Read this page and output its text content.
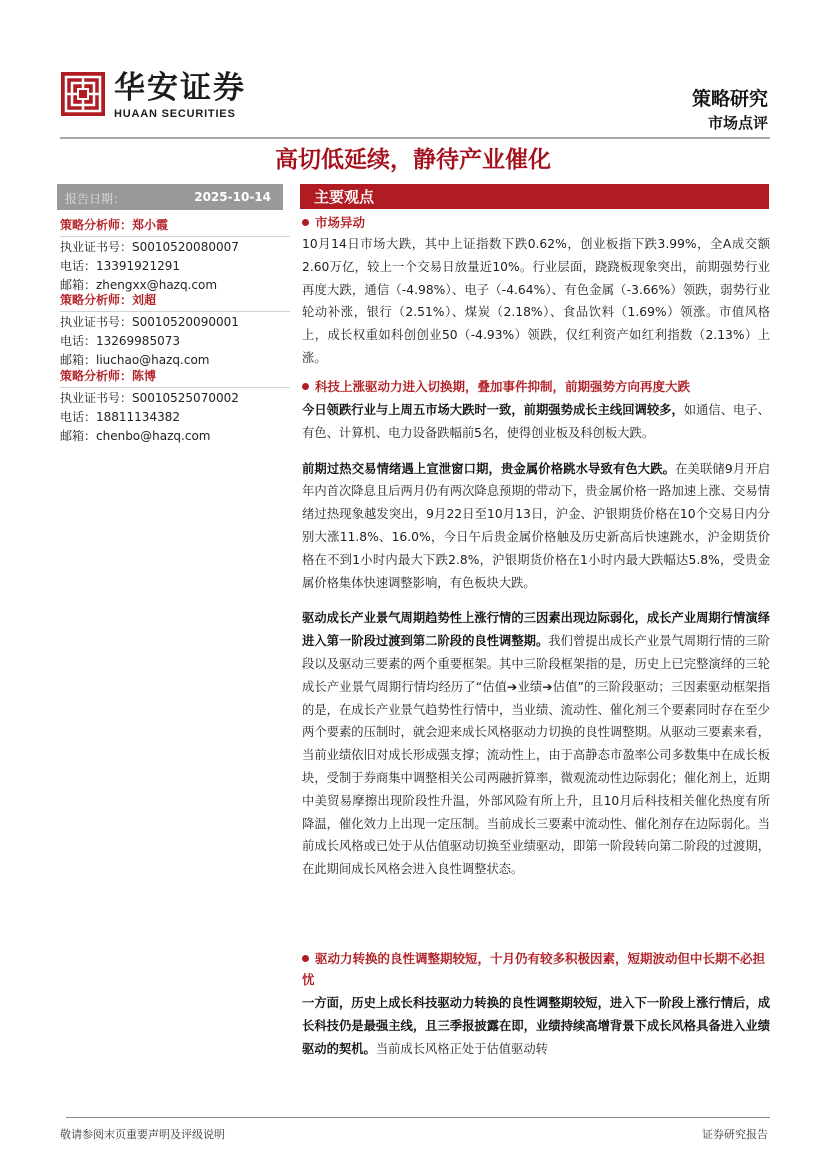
华安证券
HUAAN SECURITIES
策略研究
市场点评
高切低延续，静待产业催化
报告日期：	2025-10-14
策略分析师：郑小霞
执业证书号：S0010520080007
电话：13391921291
邮箱：zhengxx@hazq.com
策略分析师：刘超
执业证书号：S0010520090001
电话：13269985073
邮箱：liuchao@hazq.com
策略分析师：陈博
执业证书号：S0010525070002
电话：18811134382
邮箱：chenbo@hazq.com
主要观点
市场异动
10月14日市场大跌，其中上证指数下跌0.62%，创业板指下跌3.99%，全A成交额2.60万亿，较上一个交易日放量近10%。行业层面，跷跷板现象突出，前期强势行业再度大跌，通信（-4.98%）、电子（-4.64%）、有色金属（-3.66%）领跌，弱势行业轮动补涨，银行（2.51%）、煤炭（2.18%）、食品饮料（1.69%）领涨。市值风格上，成长权重如科创创业50（-4.93%）领跌，仅红利资产如红利指数（2.13%）上涨。
科技上涨驱动力进入切换期，叠加事件抑制，前期强势方向再度大跌
今日领跌行业与上周五市场大跌时一致，前期强势成长主线回调较多，如通信、电子、有色、计算机、电力设备跌幅前5名，使得创业板及科创板大跌。
前期过热交易情绪遇上宣泄窗口期，贵金属价格跳水导致有色大跌。在美联储9月开启年内首次降息且后两月仍有两次降息预期的带动下，贵金属价格一路加速上涨、交易情绪过热现象越发突出，9月22日至10月13日，沪金、沪银期货价格在10个交易日内分别大涨11.8%、16.0%，今日午后贵金属价格触及历史新高后快速跳水，沪金期货价格在不到1小时内最大下跌2.8%，沪银期货价格在1小时内最大跌幅达5.8%，受贵金属价格集体快速调整影响，有色板块大跌。
驱动成长产业景气周期趋势性上涨行情的三因素出现边际弱化，成长产业周期行情演绎进入第一阶段过渡到第二阶段的良性调整期。我们曾提出成长产业景气周期行情的三阶段以及驱动三要素的两个重要框架。其中三阶段框架指的是，历史上已完整演绎的三轮成长产业景气周期行情均经历了“估值➔业绩➔估值”的三阶段驱动；三因素驱动框架指的是，在成长产业景气趋势性行情中，当业绩、流动性、催化剂三个要素同时存在至少两个要素的压制时，就会迎来成长风格驱动力切换的良性调整期。从驱动三要素来看，当前业绩依旧对成长形成强支撑；流动性上，由于高静态市盈率公司多数集中在成长板块，受制于券商集中调整相关公司两融折算率，微观流动性边际弱化；催化剂上，近期中美贸易摩擦出现阶段性升温，外部风险有所上升，且10月后科技相关催化热度有所降温，催化效力上出现一定压制。当前成长三要素中流动性、催化剂存在边际弱化。当前成长风格或已处于从估值驱动切换至业绩驱动，即第一阶段转向第二阶段的过渡期，在此期间成长风格会进入良性调整状态。
驱动力转换的良性调整期较短，十月仍有较多积极因素，短期波动但中长期不必担忧
一方面，历史上成长科技驱动力转换的良性调整期较短，进入下一阶段上涨行情后，成长科技仍是最强主线，且三季报披露在即，业绩持续高增背景下成长风格具备进入业绩驱动的契机。当前成长风格正处于估值驱动转
敬请参阅末页重要声明及评级说明	证券研究报告
